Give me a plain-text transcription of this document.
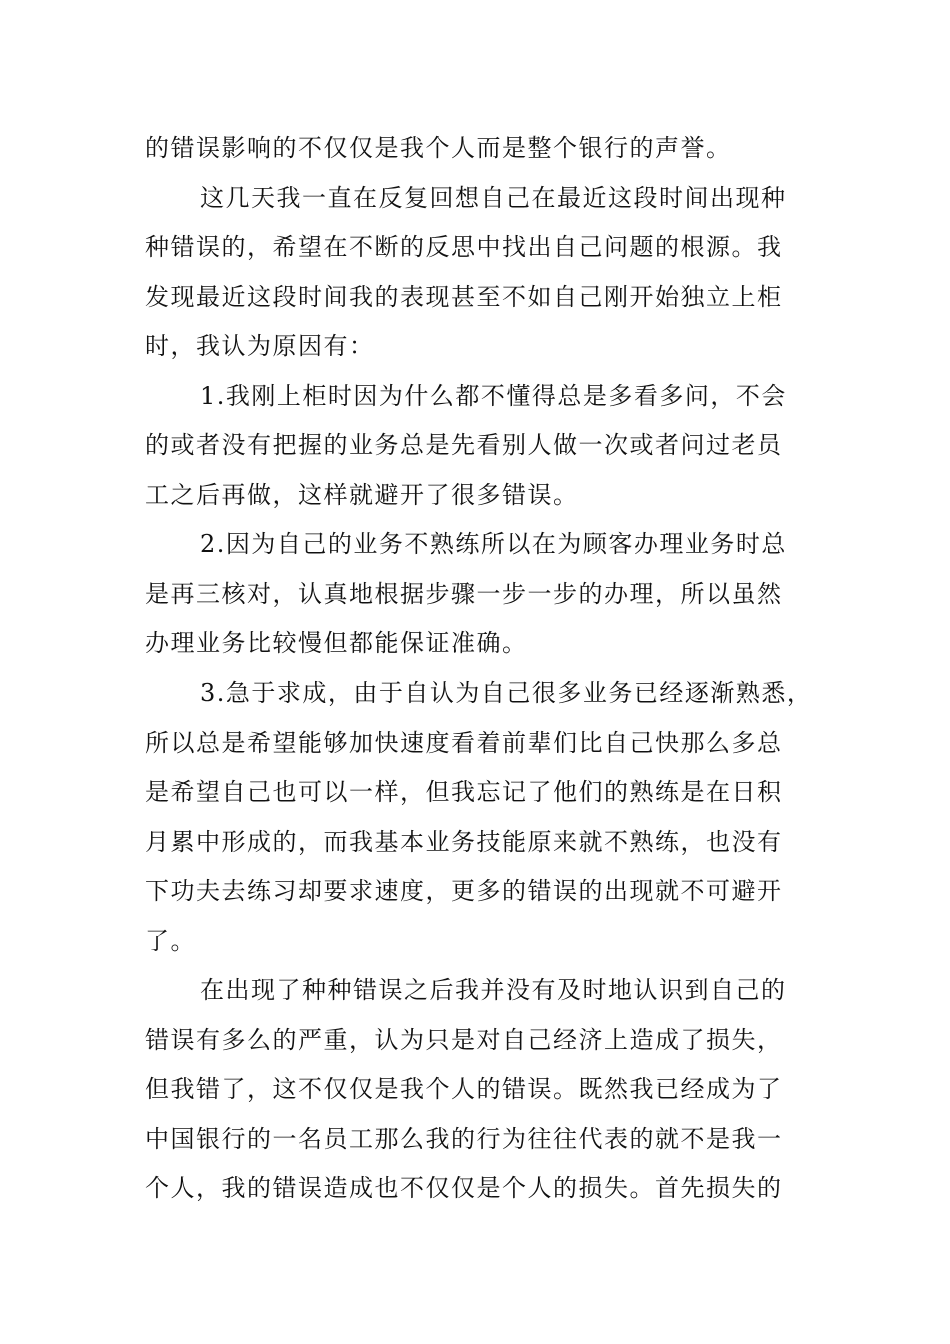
的错误影响的不仅仅是我个人而是整个银行的声誉。
这几天我一直在反复回想自己在最近这段时间出现种
种错误的，希望在不断的反思中找出自己问题的根源。我
发现最近这段时间我的表现甚至不如自己刚开始独立上柜
时，我认为原因有：
1.我刚上柜时因为什么都不懂得总是多看多问，不会
的或者没有把握的业务总是先看别人做一次或者问过老员
工之后再做，这样就避开了很多错误。
2.因为自己的业务不熟练所以在为顾客办理业务时总
是再三核对，认真地根据步骤一步一步的办理，所以虽然
办理业务比较慢但都能保证准确。
3.急于求成，由于自认为自己很多业务已经逐渐熟悉，
所以总是希望能够加快速度看着前辈们比自己快那么多总
是希望自己也可以一样，但我忘记了他们的熟练是在日积
月累中形成的，而我基本业务技能原来就不熟练，也没有
下功夫去练习却要求速度，更多的错误的出现就不可避开
了。
在出现了种种错误之后我并没有及时地认识到自己的
错误有多么的严重，认为只是对自己经济上造成了损失，
但我错了，这不仅仅是我个人的错误。既然我已经成为了
中国银行的一名员工那么我的行为往往代表的就不是我一
个人，我的错误造成也不仅仅是个人的损失。首先损失的
